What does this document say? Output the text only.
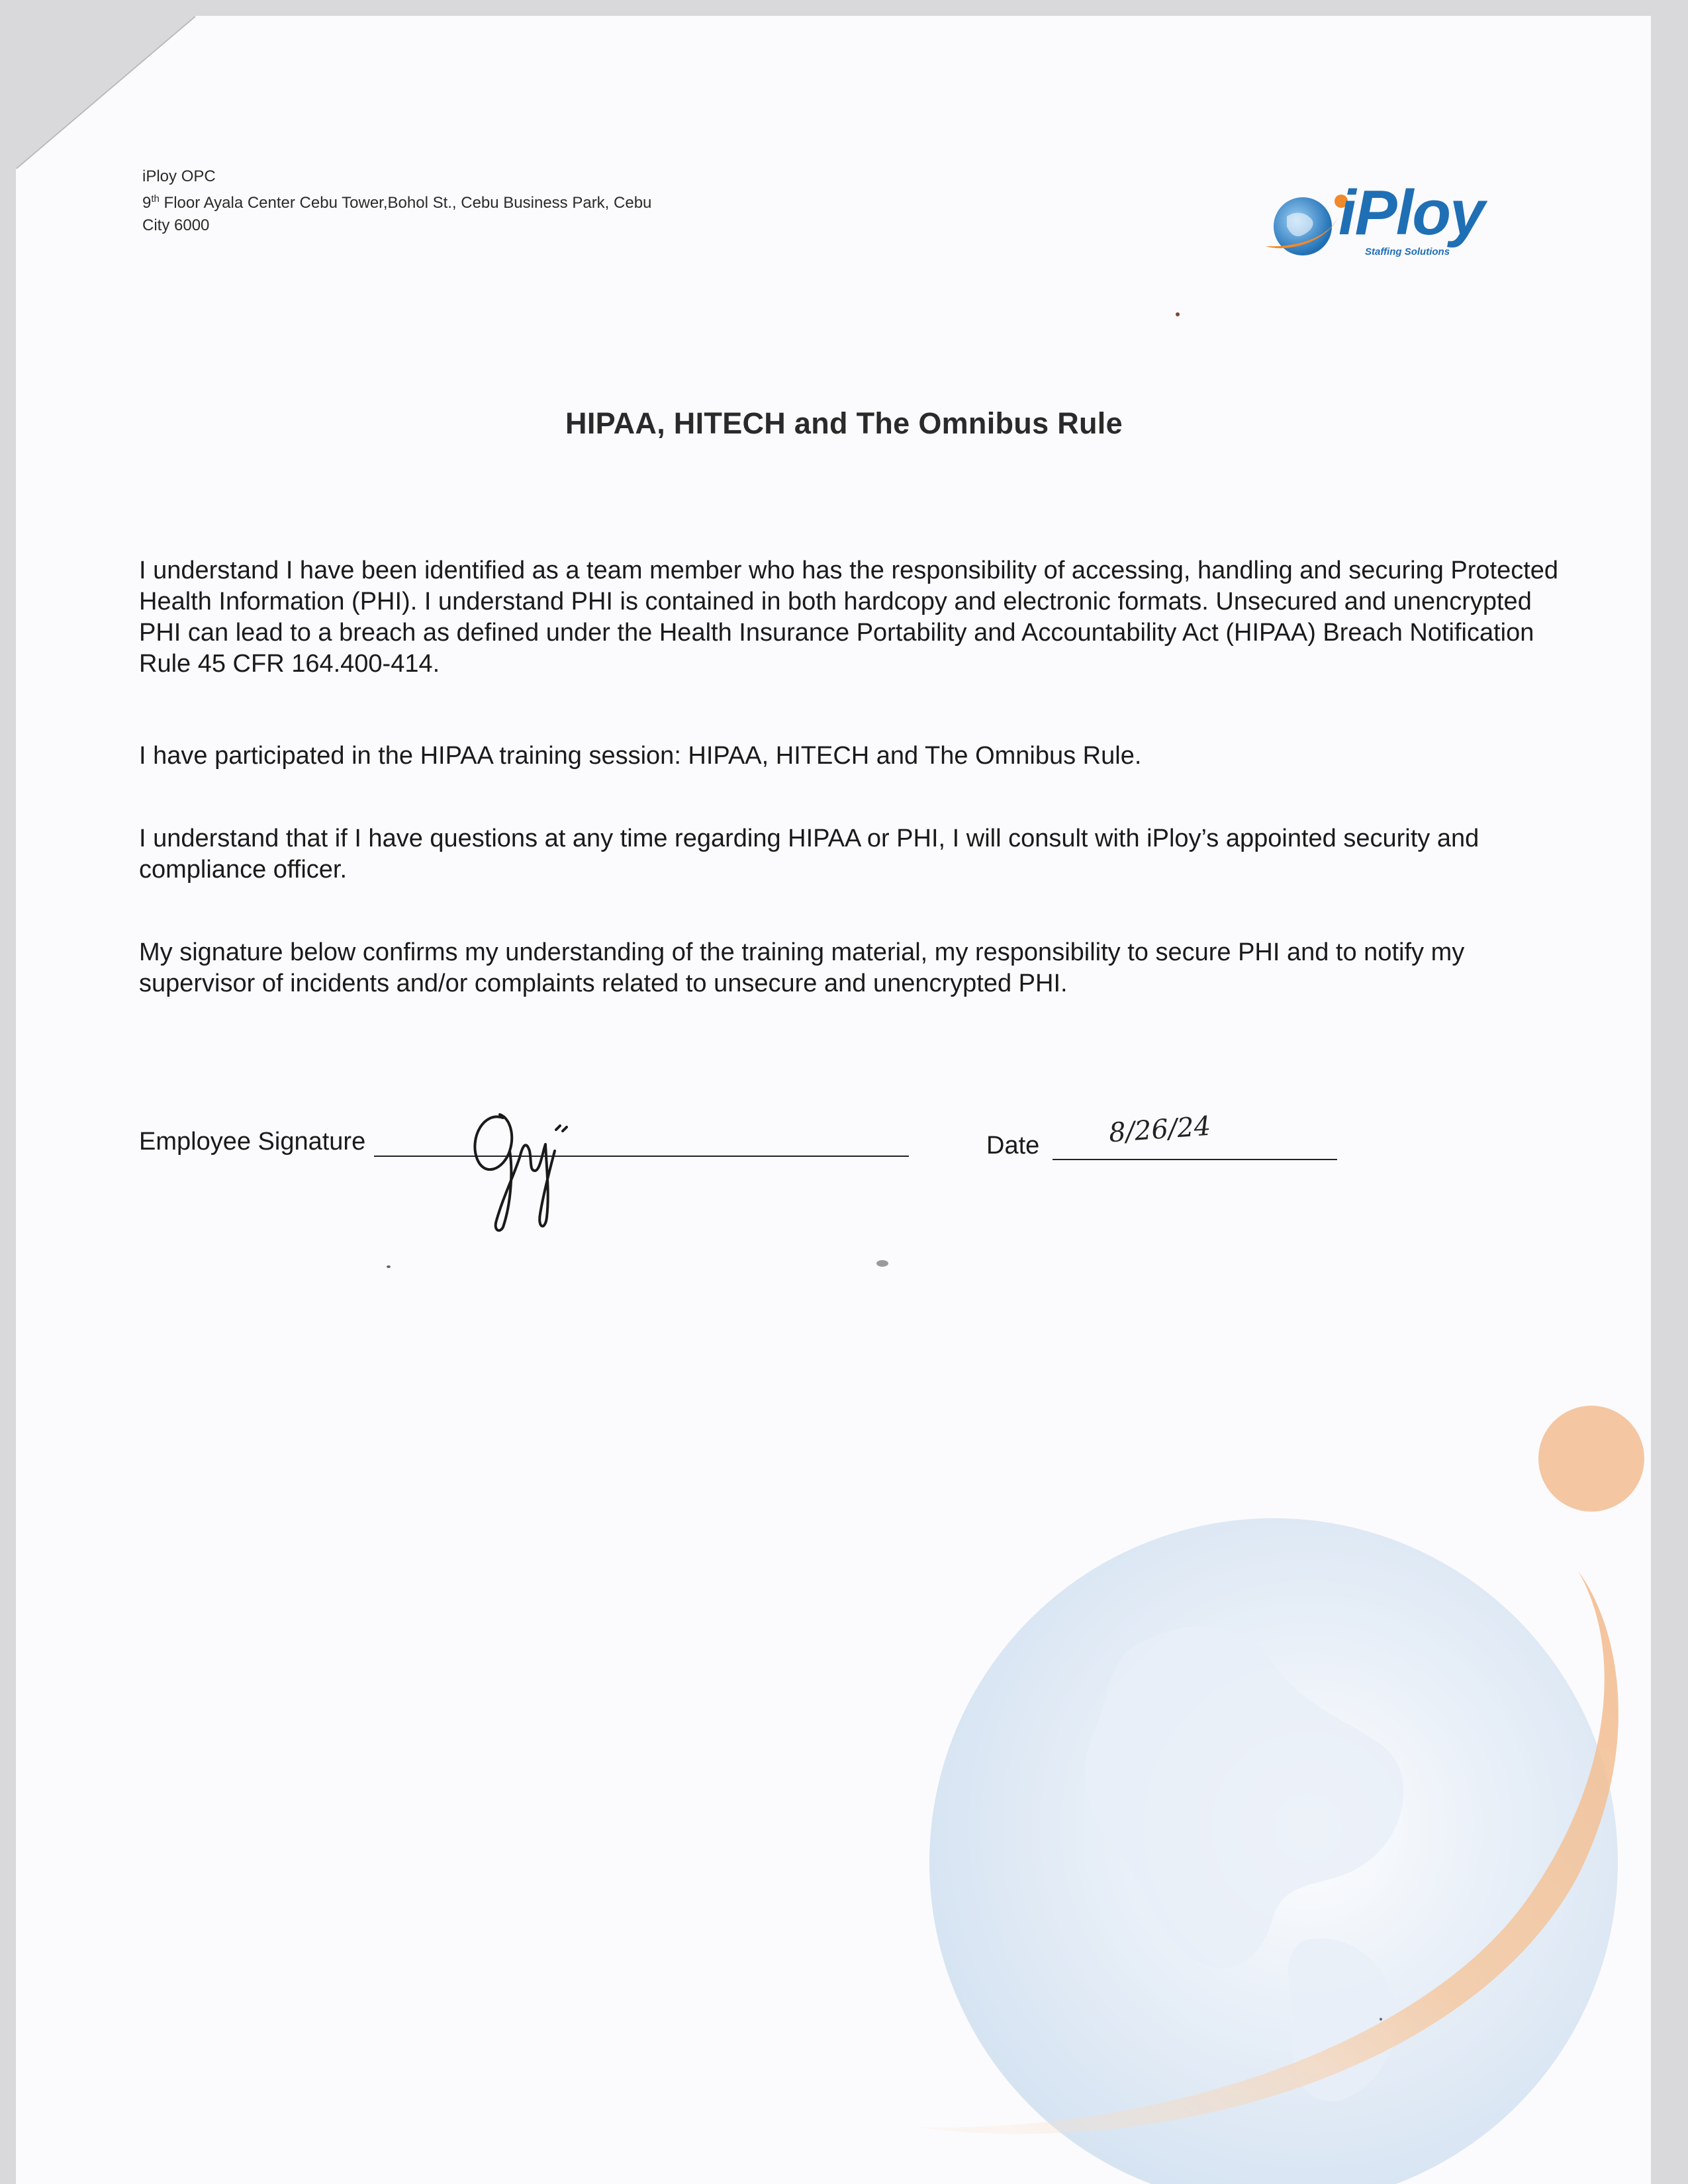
iPloy OPC
9th Floor Ayala Center Cebu Tower,Bohol St., Cebu Business Park, Cebu
City 6000	iPloy
Staffing Solutions
HIPAA, HITECH and The Omnibus Rule

I understand I have been identified as a team member who has the responsibility of accessing, handling and securing Protected Health Information (PHI). I understand PHI is contained in both hardcopy and electronic formats. Unsecured and unencrypted PHI can lead to a breach as defined under the Health Insurance Portability and Accountability Act (HIPAA) Breach Notification Rule 45 CFR 164.400-414.

I have participated in the HIPAA training session: HIPAA, HITECH and The Omnibus Rule.

I understand that if I have questions at any time regarding HIPAA or PHI, I will consult with iPloy’s appointed security and compliance officer.

My signature below confirms my understanding of the training material, my responsibility to secure PHI and to notify my supervisor of incidents and/or complaints related to unsecure and unencrypted PHI.

Employee Signature	Date	8/26/24
